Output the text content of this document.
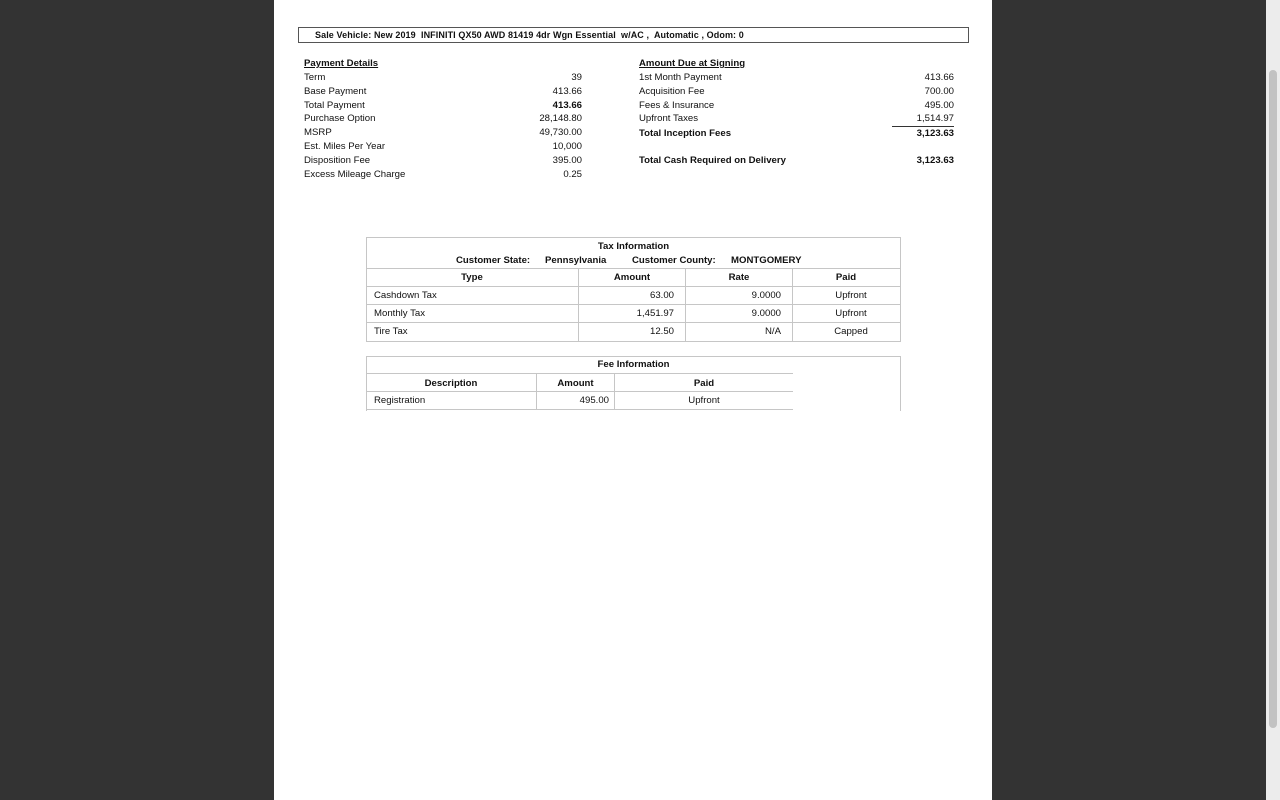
Sale Vehicle: New 2019  INFINITI QX50 AWD 81419 4dr Wgn Essential  w/AC ,  Automatic , Odom: 0
Payment Details
Term	39
Base Payment	413.66
Total Payment	413.66
Purchase Option	28,148.80
MSRP	49,730.00
Est. Miles Per Year	10,000
Disposition Fee	395.00
Excess Mileage Charge	0.25
Amount Due at Signing
1st Month Payment	413.66
Acquisition Fee	700.00
Fees & Insurance	495.00
Upfront Taxes	1,514.97
Total Inception Fees	3,123.63
Total Cash Required on Delivery	3,123.63
Tax Information
Customer State: Pennsylvania	Customer County: MONTGOMERY
Type	Amount	Rate	Paid
Cashdown Tax	63.00	9.0000	Upfront
Monthly Tax	1,451.97	9.0000	Upfront
Tire Tax	12.50	N/A	Capped
Fee Information
Description	Amount	Paid
Registration	495.00	Upfront
